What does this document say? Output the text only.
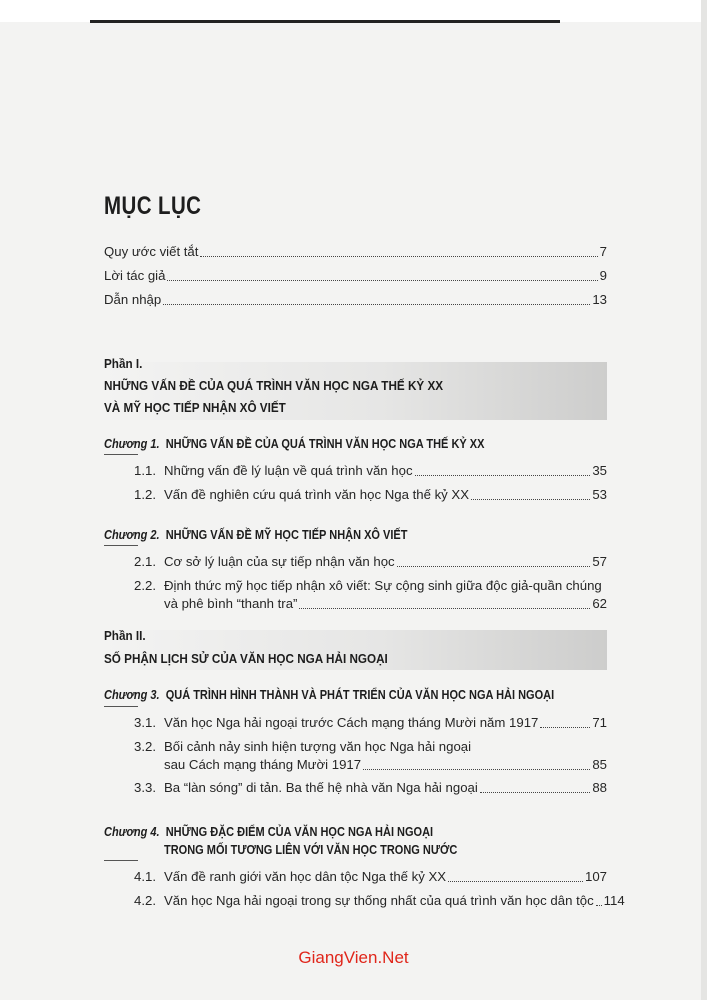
MỤC LỤC
Quy ước viết tắt	7
Lời tác giả	9
Dẫn nhập	13
Phần I.
NHỮNG VẤN ĐỀ CỦA QUÁ TRÌNH VĂN HỌC NGA THẾ KỶ XX
VÀ MỸ HỌC TIẾP NHẬN XÔ VIẾT
Chương 1. NHỮNG VẤN ĐỀ CỦA QUÁ TRÌNH VĂN HỌC NGA THẾ KỶ XX
1.1. Những vấn đề lý luận về quá trình văn học	35
1.2. Vấn đề nghiên cứu quá trình văn học Nga thế kỷ XX	53
Chương 2. NHỮNG VẤN ĐỀ MỸ HỌC TIẾP NHẬN XÔ VIẾT
2.1. Cơ sở lý luận của sự tiếp nhận văn học	57
2.2. Định thức mỹ học tiếp nhận xô viết: Sự cộng sinh giữa độc giả-quần chúng
và phê bình “thanh tra”	62
Phần II.
SỐ PHẬN LỊCH SỬ CỦA VĂN HỌC NGA HẢI NGOẠI
Chương 3. QUÁ TRÌNH HÌNH THÀNH VÀ PHÁT TRIỂN CỦA VĂN HỌC NGA HẢI NGOẠI
3.1. Văn học Nga hải ngoại trước Cách mạng tháng Mười năm 1917	71
3.2. Bối cảnh nảy sinh hiện tượng văn học Nga hải ngoại
sau Cách mạng tháng Mười 1917	85
3.3. Ba “làn sóng” di tản. Ba thế hệ nhà văn Nga hải ngoại	88
Chương 4. NHỮNG ĐẶC ĐIỂM CỦA VĂN HỌC NGA HẢI NGOẠI
TRONG MỐI TƯƠNG LIÊN VỚI VĂN HỌC TRONG NƯỚC
4.1. Vấn đề ranh giới văn học dân tộc Nga thế kỷ XX	107
4.2. Văn học Nga hải ngoại trong sự thống nhất của quá trình văn học dân tộc 114
GiangVien.Net
